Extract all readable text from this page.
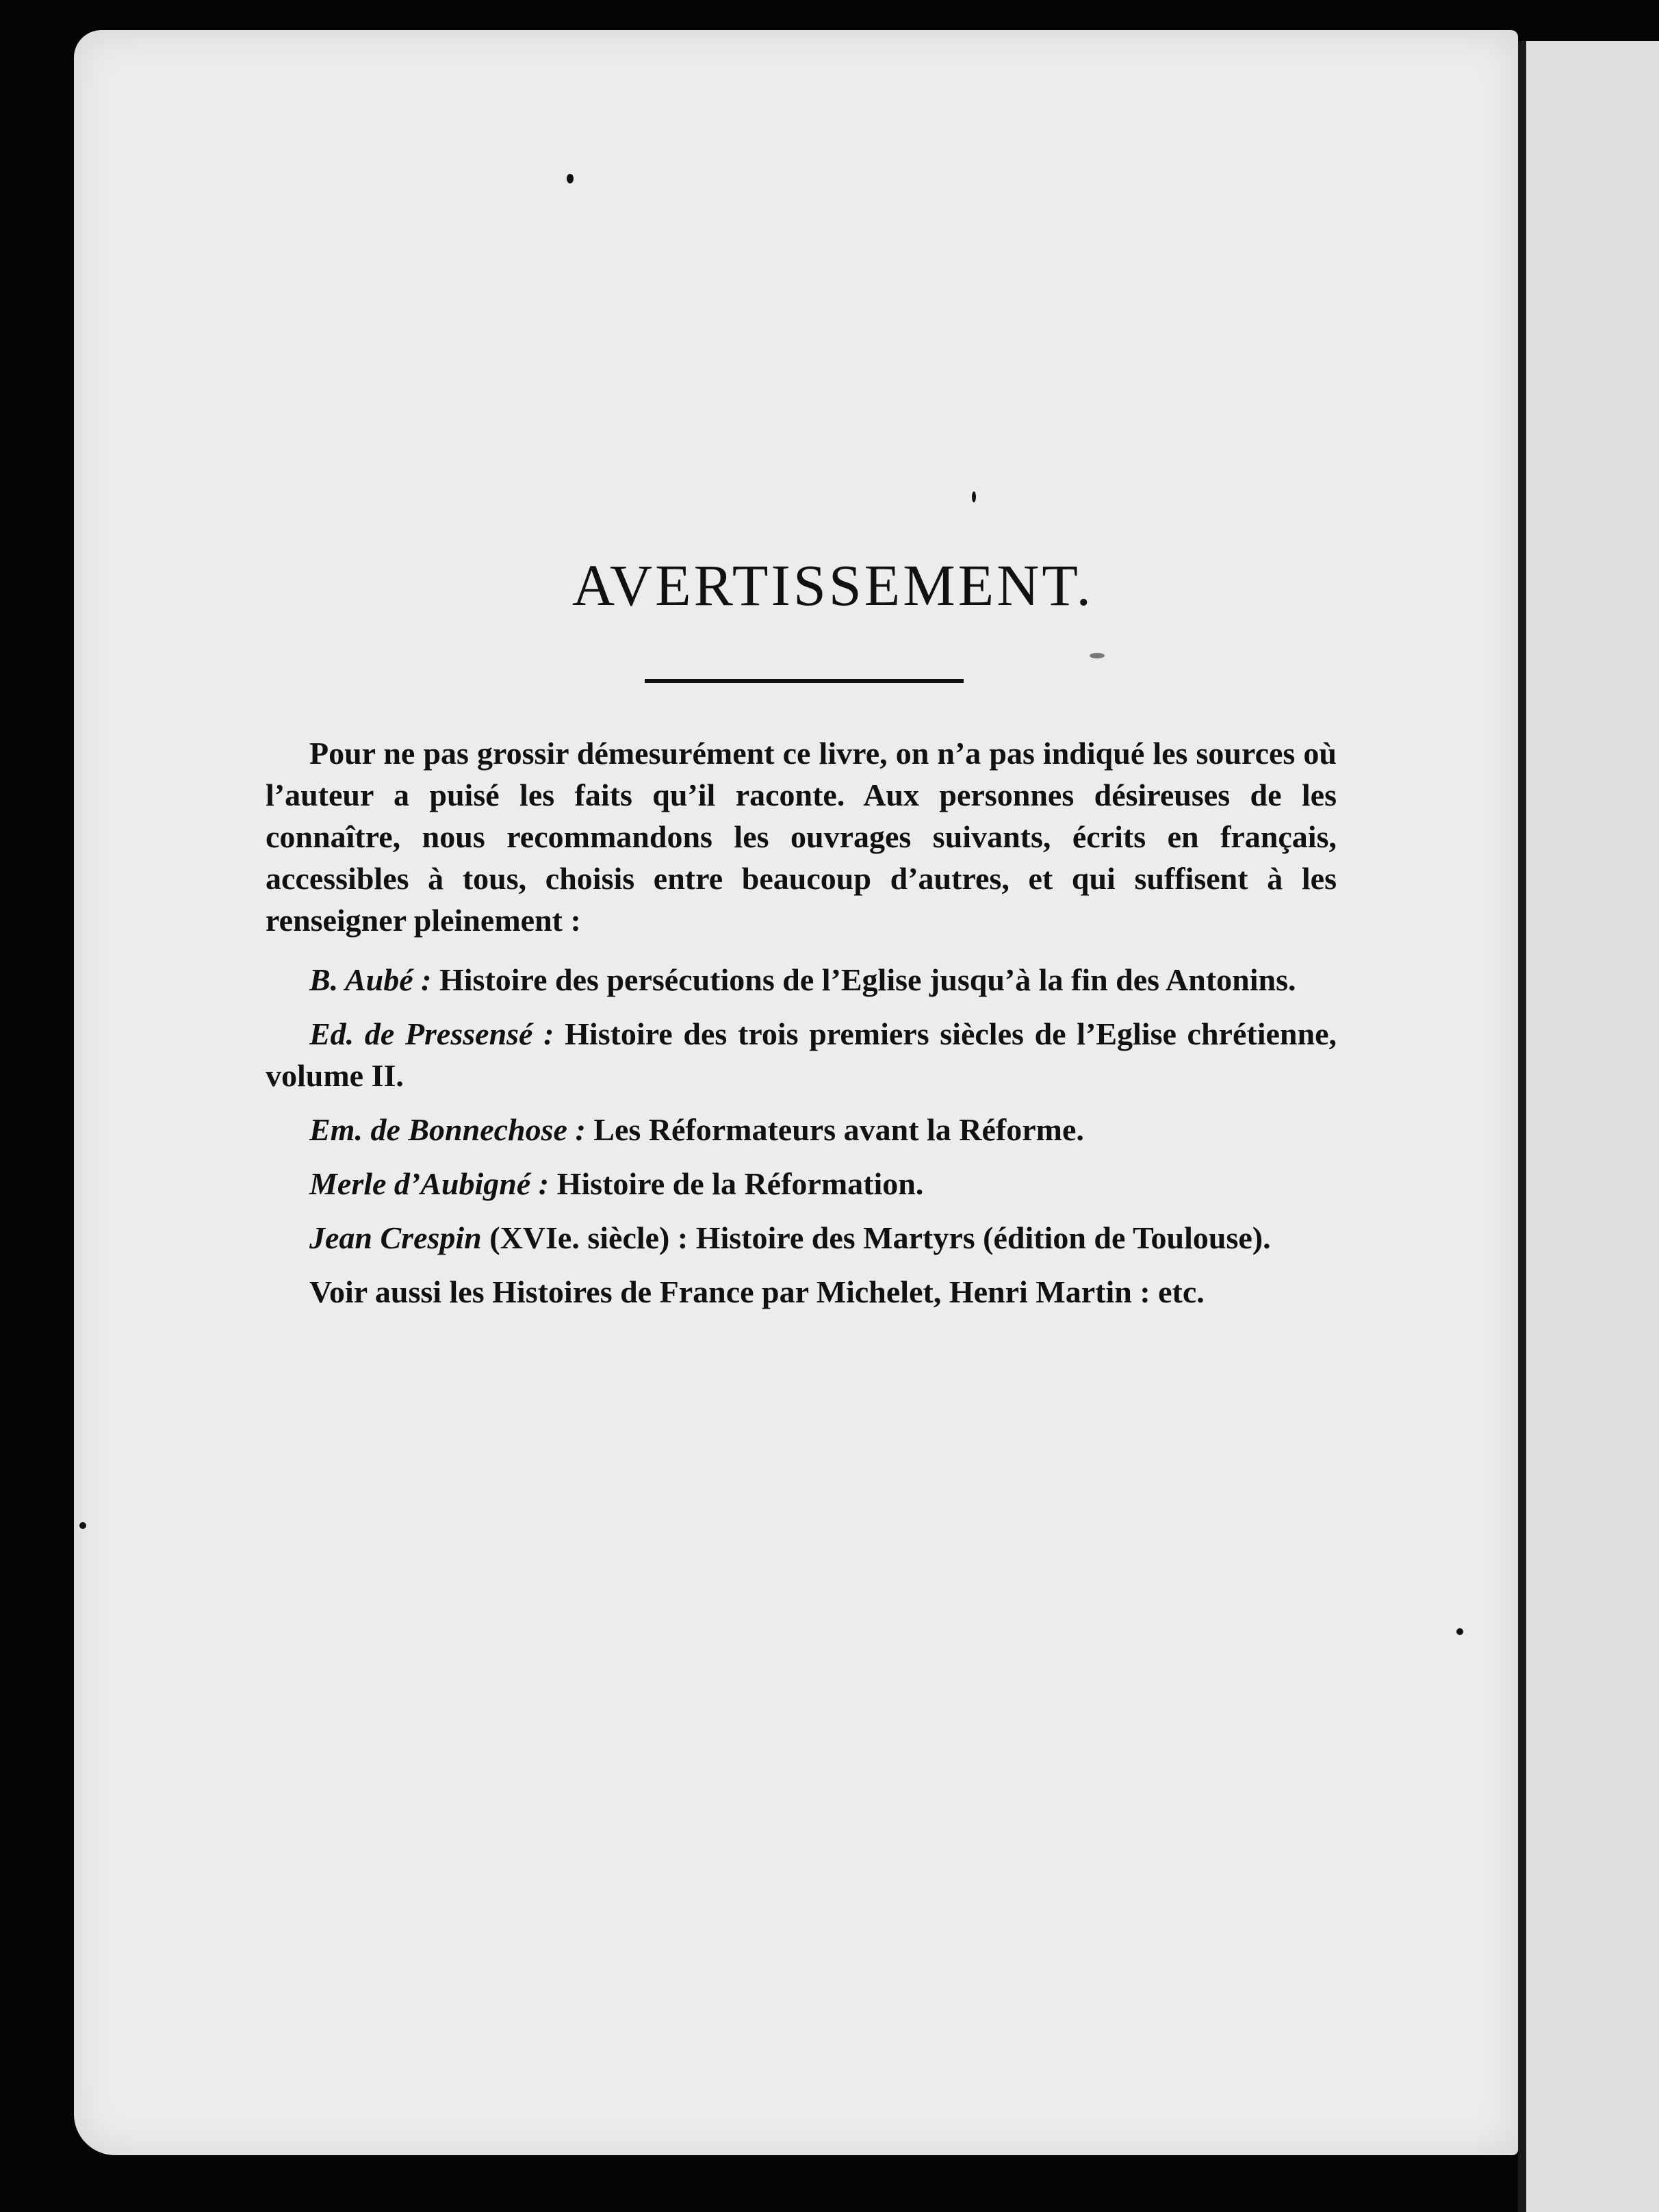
AVERTISSEMENT.

Pour ne pas grossir démesurément ce livre, on n’a pas indiqué les sources où l’auteur a puisé les faits qu’il raconte. Aux personnes désireuses de les connaître, nous recommandons les ouvrages suivants, écrits en français, accessibles à tous, choisis entre beaucoup d’autres, et qui suffisent à les renseigner pleinement :

B. Aubé : Histoire des persécutions de l’Eglise jusqu’à la fin des Antonins.

Ed. de Pressensé : Histoire des trois premiers siècles de l’Eglise chrétienne, volume II.

Em. de Bonnechose : Les Réformateurs avant la Réforme.

Merle d’Aubigné : Histoire de la Réformation.

Jean Crespin (XVIe. siècle) : Histoire des Martyrs (édition de Toulouse).

Voir aussi les Histoires de France par Michelet, Henri Martin : etc.
